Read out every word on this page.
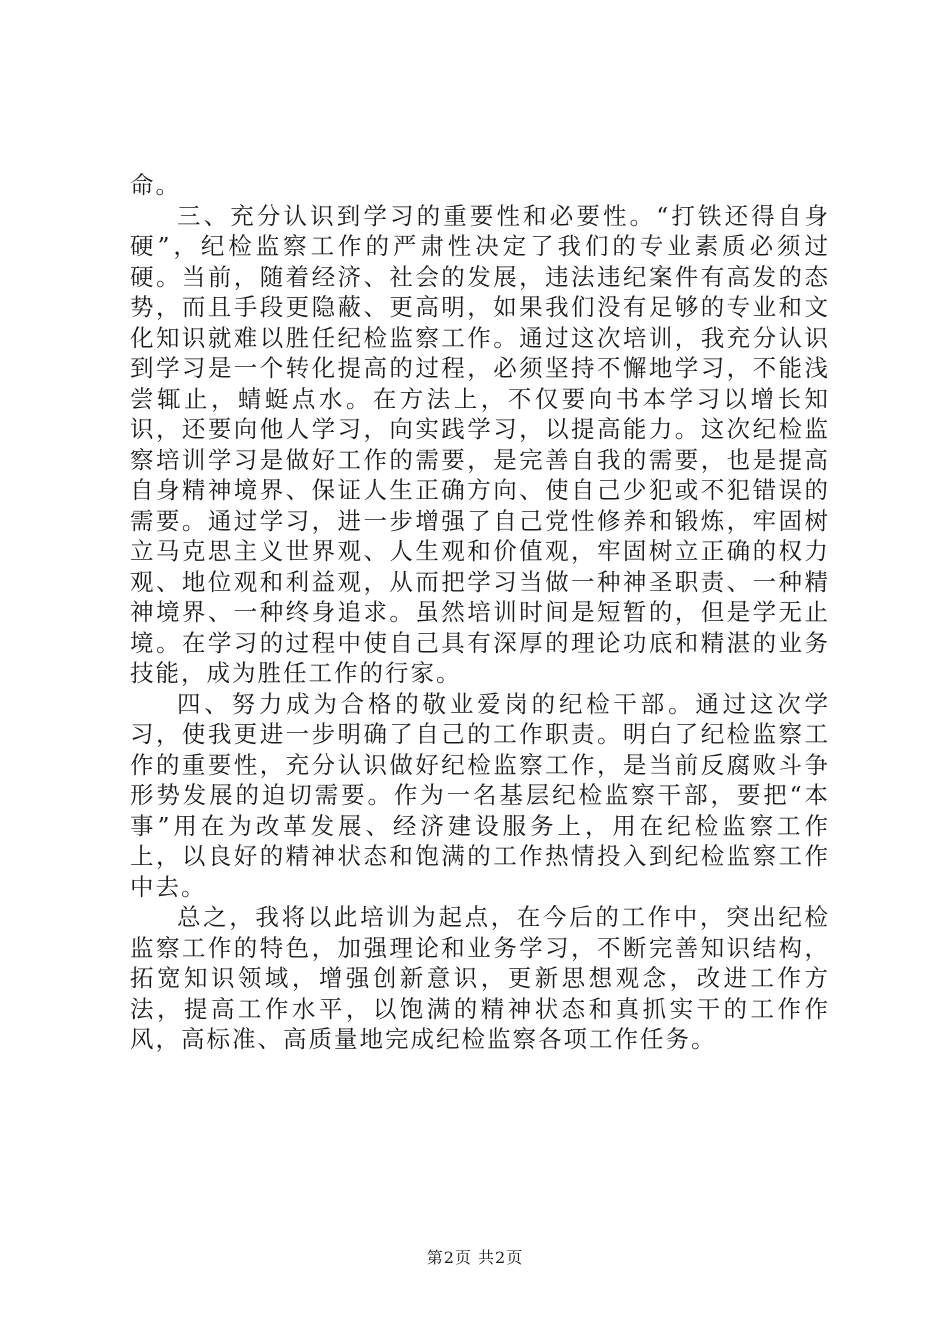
命。

三、充分认识到学习的重要性和必要性。“打铁还得自身硬”，纪检监察工作的严肃性决定了我们的专业素质必须过硬。当前，随着经济、社会的发展，违法违纪案件有高发的态势，而且手段更隐蔽、更高明，如果我们没有足够的专业和文化知识就难以胜任纪检监察工作。通过这次培训，我充分认识到学习是一个转化提高的过程，必须坚持不懈地学习，不能浅尝辄止，蜻蜓点水。在方法上，不仅要向书本学习以增长知识，还要向他人学习，向实践学习，以提高能力。这次纪检监察培训学习是做好工作的需要，是完善自我的需要，也是提高自身精神境界、保证人生正确方向、使自己少犯或不犯错误的需要。通过学习，进一步增强了自己党性修养和锻炼，牢固树立马克思主义世界观、人生观和价值观，牢固树立正确的权力观、地位观和利益观，从而把学习当做一种神圣职责、一种精神境界、一种终身追求。虽然培训时间是短暂的，但是学无止境。在学习的过程中使自己具有深厚的理论功底和精湛的业务技能，成为胜任工作的行家。

四、努力成为合格的敬业爱岗的纪检干部。通过这次学习，使我更进一步明确了自己的工作职责。明白了纪检监察工作的重要性，充分认识做好纪检监察工作，是当前反腐败斗争形势发展的迫切需要。作为一名基层纪检监察干部，要把“本事”用在为改革发展、经济建设服务上，用在纪检监察工作上，以良好的精神状态和饱满的工作热情投入到纪检监察工作中去。

总之，我将以此培训为起点，在今后的工作中，突出纪检监察工作的特色，加强理论和业务学习，不断完善知识结构，拓宽知识领域，增强创新意识，更新思想观念，改进工作方法，提高工作水平，以饱满的精神状态和真抓实干的工作作风，高标准、高质量地完成纪检监察各项工作任务。

第2页 共2页
